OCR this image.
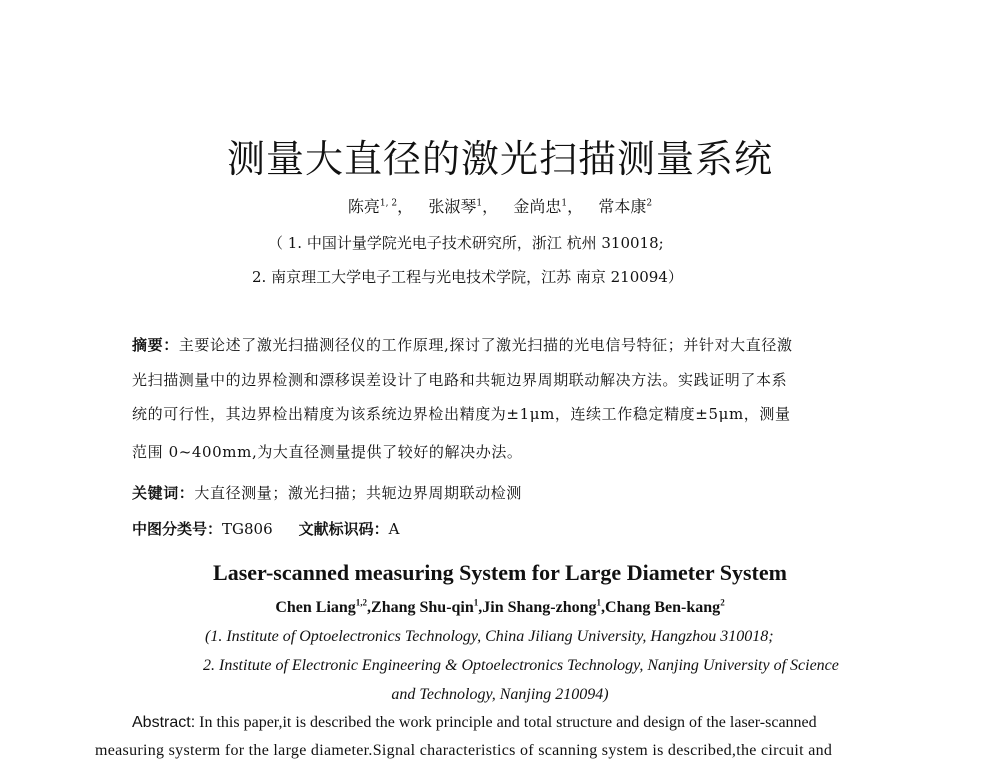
测量大直径的激光扫描测量系统
陈亮$^{1, 2}$，   张淑琴$^1$，   金尚忠$^1$，   常本康$^2$
（ 1. 中国计量学院光电子技术研究所，浙江 杭州 310018;
2. 南京理工大学电子工程与光电技术学院，江苏 南京 210094）
摘要：主要论述了激光扫描测径仪的工作原理,探讨了激光扫描的光电信号特征；并针对大直径激
光扫描测量中的边界检测和漂移误差设计了电路和共轭边界周期联动解决方法。实践证明了本系
统的可行性，其边界检出精度为该系统边界检出精度为±1μm，连续工作稳定精度±5μm，测量
范围 0~400mm,为大直径测量提供了较好的解决办法。
关键词：大直径测量；激光扫描；共轭边界周期联动检测
中图分类号：TG806 文献标识码：A
Laser-scanned measuring System for Large Diameter System
Chen Liang$^{1,2}$,Zhang Shu-qin$^1$,Jin Shang-zhong$^1$,Chang Ben-kang$^2$
(1. Institute of Optoelectronics Technology, China Jiliang University, Hangzhou 310018;
2. Institute of Electronic Engineering & Optoelectronics Technology, Nanjing University of Science
and Technology, Nanjing 210094)
Abstract: In this paper,it is described the work principle and total structure and design of the laser-scanned
measuring systerm for the large diameter.Signal characteristics of scanning system is described,the circuit and
